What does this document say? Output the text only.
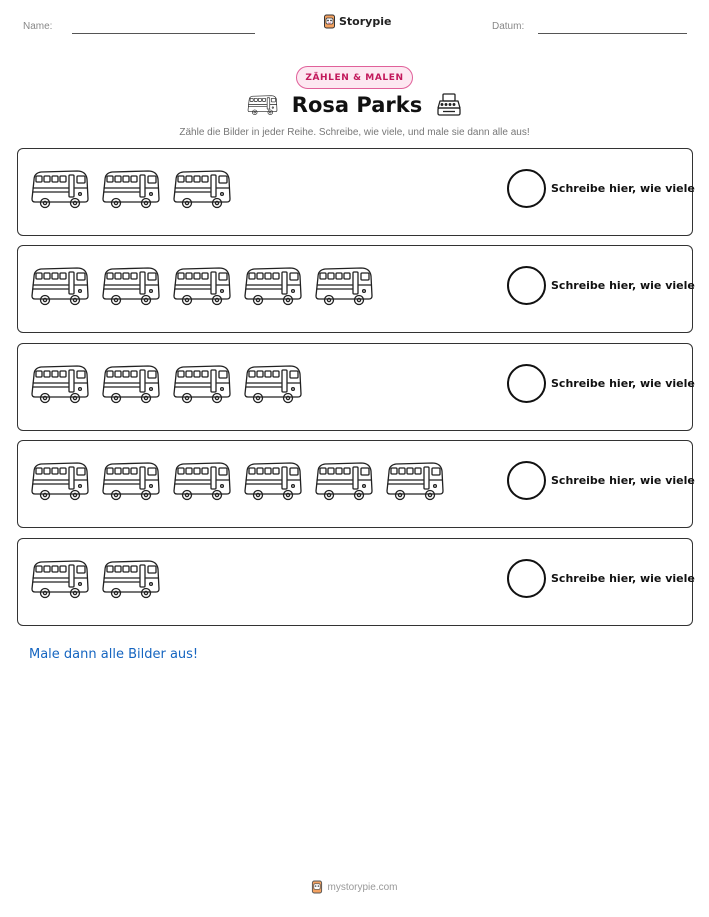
Name:	Storypie	Datum:
ZÄHLEN & MALEN
Rosa Parks
Zähle die Bilder in jeder Reihe. Schreibe, wie viele, und male sie dann alle aus!
Schreibe hier, wie viele
Schreibe hier, wie viele
Schreibe hier, wie viele
Schreibe hier, wie viele
Schreibe hier, wie viele
Male dann alle Bilder aus!
mystorypie.com
